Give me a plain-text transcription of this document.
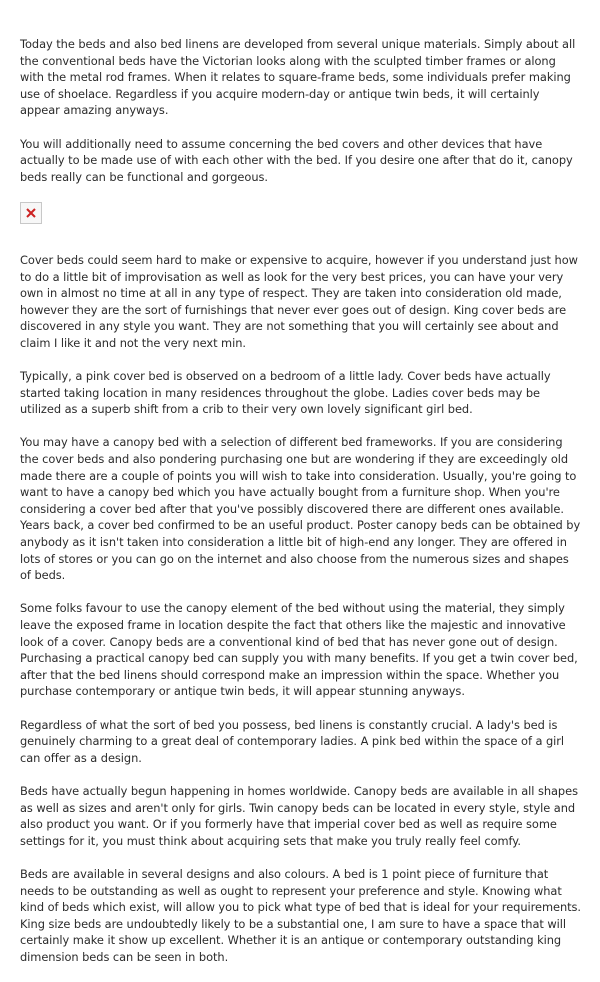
Today the beds and also bed linens are developed from several unique materials. Simply about all the conventional beds have the Victorian looks along with the sculpted timber frames or along with the metal rod frames. When it relates to square-frame beds, some individuals prefer making use of shoelace. Regardless if you acquire modern-day or antique twin beds, it will certainly appear amazing anyways.

You will additionally need to assume concerning the bed covers and other devices that have actually to be made use of with each other with the bed. If you desire one after that do it, canopy beds really can be functional and gorgeous.

Cover beds could seem hard to make or expensive to acquire, however if you understand just how to do a little bit of improvisation as well as look for the very best prices, you can have your very own in almost no time at all in any type of respect. They are taken into consideration old made, however they are the sort of furnishings that never ever goes out of design. King cover beds are discovered in any style you want. They are not something that you will certainly see about and claim I like it and not the very next min.

Typically, a pink cover bed is observed on a bedroom of a little lady. Cover beds have actually started taking location in many residences throughout the globe. Ladies cover beds may be utilized as a superb shift from a crib to their very own lovely significant girl bed.

You may have a canopy bed with a selection of different bed frameworks. If you are considering the cover beds and also pondering purchasing one but are wondering if they are exceedingly old made there are a couple of points you will wish to take into consideration. Usually, you're going to want to have a canopy bed which you have actually bought from a furniture shop. When you're considering a cover bed after that you've possibly discovered there are different ones available. Years back, a cover bed confirmed to be an useful product. Poster canopy beds can be obtained by anybody as it isn't taken into consideration a little bit of high-end any longer. They are offered in lots of stores or you can go on the internet and also choose from the numerous sizes and shapes of beds.

Some folks favour to use the canopy element of the bed without using the material, they simply leave the exposed frame in location despite the fact that others like the majestic and innovative look of a cover. Canopy beds are a conventional kind of bed that has never gone out of design. Purchasing a practical canopy bed can supply you with many benefits. If you get a twin cover bed, after that the bed linens should correspond make an impression within the space. Whether you purchase contemporary or antique twin beds, it will appear stunning anyways.

Regardless of what the sort of bed you possess, bed linens is constantly crucial. A lady's bed is genuinely charming to a great deal of contemporary ladies. A pink bed within the space of a girl can offer as a design.

Beds have actually begun happening in homes worldwide. Canopy beds are available in all shapes as well as sizes and aren't only for girls. Twin canopy beds can be located in every style, style and also product you want. Or if you formerly have that imperial cover bed as well as require some settings for it, you must think about acquiring sets that make you truly really feel comfy.

Beds are available in several designs and also colours. A bed is 1 point piece of furniture that needs to be outstanding as well as ought to represent your preference and style. Knowing what kind of beds which exist, will allow you to pick what type of bed that is ideal for your requirements. King size beds are undoubtedly likely to be a substantial one, I am sure to have a space that will certainly make it show up excellent. Whether it is an antique or contemporary outstanding king dimension beds can be seen in both.
